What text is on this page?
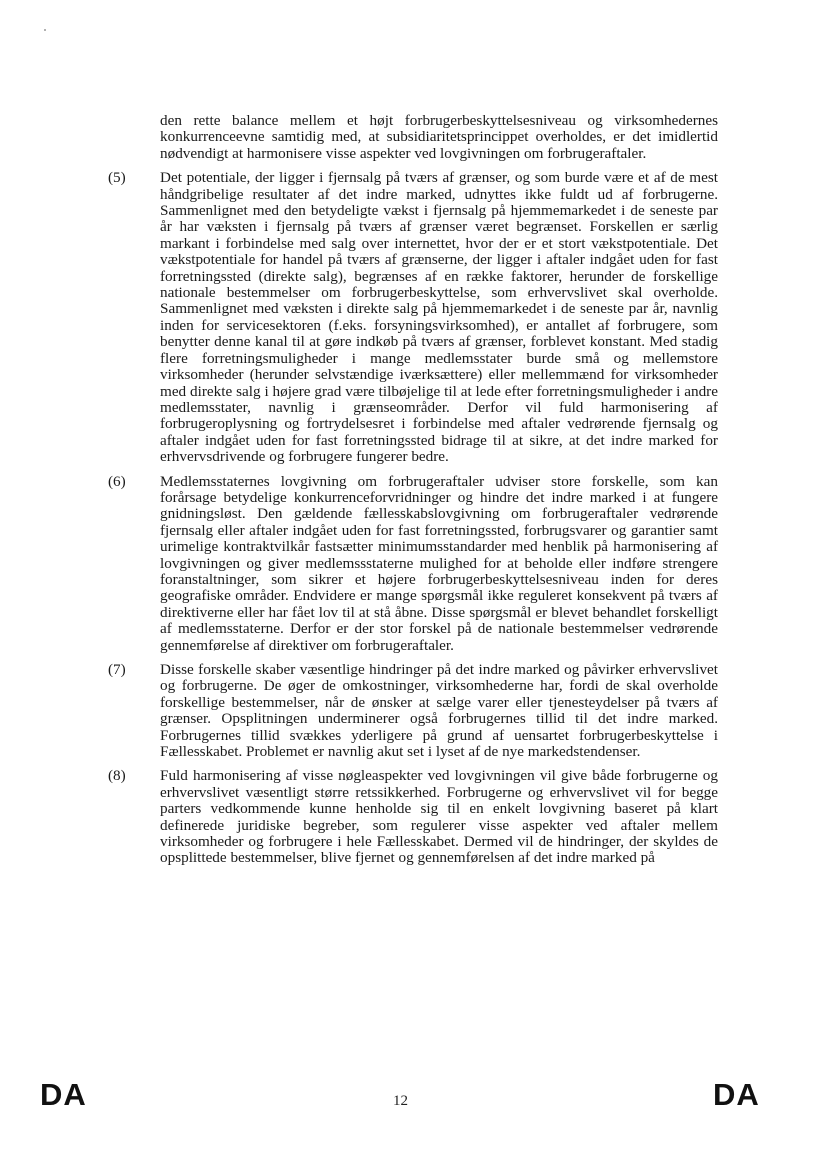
den rette balance mellem et højt forbrugerbeskyttelsesniveau og virksomhedernes konkurrenceevne samtidig med, at subsidiaritetsprincippet overholdes, er det imidlertid nødvendigt at harmonisere visse aspekter ved lovgivningen om forbrugeraftaler.
(5) Det potentiale, der ligger i fjernsalg på tværs af grænser, og som burde være et af de mest håndgribelige resultater af det indre marked, udnyttes ikke fuldt ud af forbrugerne. Sammenlignet med den betydeligte vækst i fjernsalg på hjemmemarkedet i de seneste par år har væksten i fjernsalg på tværs af grænser været begrænset. Forskellen er særlig markant i forbindelse med salg over internettet, hvor der er et stort vækstpotentiale. Det vækstpotentiale for handel på tværs af grænserne, der ligger i aftaler indgået uden for fast forretningssted (direkte salg), begrænses af en række faktorer, herunder de forskellige nationale bestemmelser om forbrugerbeskyttelse, som erhvervslivet skal overholde. Sammenlignet med væksten i direkte salg på hjemmemarkedet i de seneste par år, navnlig inden for servicesektoren (f.eks. forsyningsvirksomhed), er antallet af forbrugere, som benytter denne kanal til at gøre indkøb på tværs af grænser, forblevet konstant. Med stadig flere forretningsmuligheder i mange medlemsstater burde små og mellemstore virksomheder (herunder selvstændige iværksættere) eller mellemmænd for virksomheder med direkte salg i højere grad være tilbøjelige til at lede efter forretningsmuligheder i andre medlemsstater, navnlig i grænseområder. Derfor vil fuld harmonisering af forbrugeroplysning og fortrydelsesret i forbindelse med aftaler vedrørende fjernsalg og aftaler indgået uden for fast forretningssted bidrage til at sikre, at det indre marked for erhvervsdrivende og forbrugere fungerer bedre.
(6) Medlemsstaternes lovgivning om forbrugeraftaler udviser store forskelle, som kan forårsage betydelige konkurrenceforvridninger og hindre det indre marked i at fungere gnidningsløst. Den gældende fællesskabslovgivning om forbrugeraftaler vedrørende fjernsalg eller aftaler indgået uden for fast forretningssted, forbrugsvarer og garantier samt urimelige kontraktvilkår fastsætter minimumsstandarder med henblik på harmonisering af lovgivningen og giver medlemssstaterne mulighed for at beholde eller indføre strengere foranstaltninger, som sikrer et højere forbrugerbeskyttelsesniveau inden for deres geografiske områder. Endvidere er mange spørgsmål ikke reguleret konsekvent på tværs af direktiverne eller har fået lov til at stå åbne. Disse spørgsmål er blevet behandlet forskelligt af medlemsstaterne. Derfor er der stor forskel på de nationale bestemmelser vedrørende gennemførelse af direktiver om forbrugeraftaler.
(7) Disse forskelle skaber væsentlige hindringer på det indre marked og påvirker erhvervslivet og forbrugerne. De øger de omkostninger, virksomhederne har, fordi de skal overholde forskellige bestemmelser, når de ønsker at sælge varer eller tjenesteydelser på tværs af grænser. Opsplitningen underminerer også forbrugernes tillid til det indre marked. Forbrugernes tillid svækkes yderligere på grund af uensartet forbrugerbeskyttelse i Fællesskabet. Problemet er navnlig akut set i lyset af de nye markedstendenser.
(8) Fuld harmonisering af visse nøgleaspekter ved lovgivningen vil give både forbrugerne og erhvervslivet væsentligt større retssikkerhed. Forbrugerne og erhvervslivet vil for begge parters vedkommende kunne henholde sig til en enkelt lovgivning baseret på klart definerede juridiske begreber, som regulerer visse aspekter ved aftaler mellem virksomheder og forbrugere i hele Fællesskabet. Dermed vil de hindringer, der skyldes de opsplittede bestemmelser, blive fjernet og gennemførelsen af det indre marked på
DA	12	DA
